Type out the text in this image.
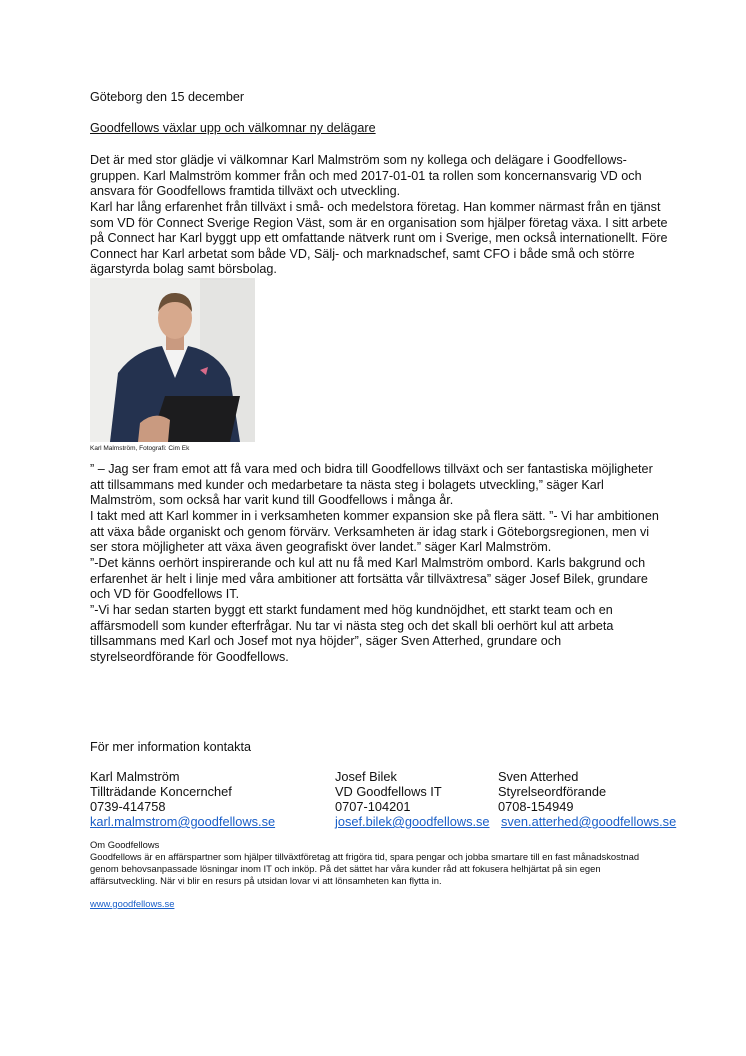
Göteborg den 15 december

Goodfellows växlar upp och välkomnar ny delägare

Det är med stor glädje vi välkomnar Karl Malmström som ny kollega och delägare i Goodfellows-gruppen. Karl Malmström kommer från och med 2017-01-01 ta rollen som koncernansvarig VD och ansvara för Goodfellows framtida tillväxt och utveckling.

Karl har lång erfarenhet från tillväxt i små- och medelstora företag. Han kommer närmast från en tjänst som VD för Connect Sverige Region Väst, som är en organisation som hjälper företag växa. I sitt arbete på Connect har Karl byggt upp ett omfattande nätverk runt om i Sverige, men också internationellt. Före Connect har Karl arbetat som både VD, Sälj- och marknadschef, samt CFO i både små och större ägarstyrda bolag samt börsbolag.

Karl Malmström, Fotografi: Cim Ek

” – Jag ser fram emot att få vara med och bidra till Goodfellows tillväxt och ser fantastiska möjligheter att tillsammans med kunder och medarbetare ta nästa steg i bolagets utveckling,” säger Karl Malmström, som också har varit kund till Goodfellows i många år.

I takt med att Karl kommer in i verksamheten kommer expansion ske på flera sätt. ”- Vi har ambitionen att växa både organiskt och genom förvärv. Verksamheten är idag stark i Göteborgsregionen, men vi ser stora möjligheter att växa även geografiskt över landet.” säger Karl Malmström.

”-Det känns oerhört inspirerande och kul att nu få med Karl Malmström ombord. Karls bakgrund och erfarenhet är helt i linje med våra ambitioner att fortsätta vår tillväxtresa” säger Josef Bilek, grundare och VD för Goodfellows IT.

”-Vi har sedan starten byggt ett starkt fundament med hög kundnöjdhet, ett starkt team och en affärsmodell som kunder efterfrågar. Nu tar vi nästa steg och det skall bli oerhört kul att arbeta tillsammans med Karl och Josef mot nya höjder”, säger Sven Atterhed, grundare och styrelseordförande för Goodfellows.

För mer information kontakta

Karl Malmström
Tillträdande Koncernchef
0739-414758
karl.malmstrom@goodfellows.se
Josef Bilek
VD Goodfellows IT
0707-104201
josef.bilek@goodfellows.se
Sven Atterhed
Styrelseordförande
0708-154949
sven.atterhed@goodfellows.se

Om Goodfellows

Goodfellows är en affärspartner som hjälper tillväxtföretag att frigöra tid, spara pengar och jobba smartare till en fast månadskostnad genom behovsanpassade lösningar inom IT och inköp. På det sättet har våra kunder råd att fokusera helhjärtat på sin egen affärsutveckling. När vi blir en resurs på utsidan lovar vi att lönsamheten kan flytta in.

www.goodfellows.se
